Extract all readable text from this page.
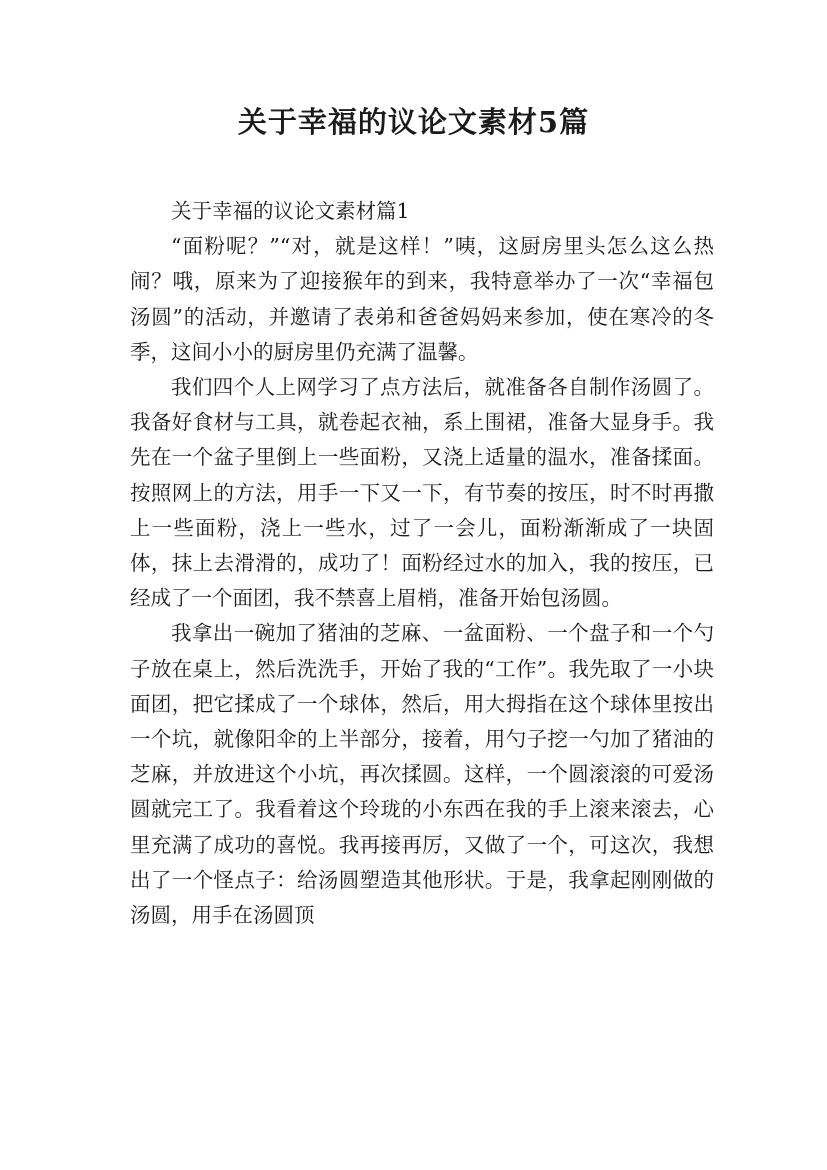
关于幸福的议论文素材5篇

关于幸福的议论文素材篇1

“面粉呢？”“对，就是这样！”咦，这厨房里头怎么这么热闹？哦，原来为了迎接猴年的到来，我特意举办了一次“幸福包汤圆”的活动，并邀请了表弟和爸爸妈妈来参加，使在寒冷的冬季，这间小小的厨房里仍充满了温馨。

我们四个人上网学习了点方法后，就准备各自制作汤圆了。我备好食材与工具，就卷起衣袖，系上围裙，准备大显身手。我先在一个盆子里倒上一些面粉，又浇上适量的温水，准备揉面。按照网上的方法，用手一下又一下，有节奏的按压，时不时再撒上一些面粉，浇上一些水，过了一会儿，面粉渐渐成了一块固体，抹上去滑滑的，成功了！面粉经过水的加入，我的按压，已经成了一个面团，我不禁喜上眉梢，准备开始包汤圆。

我拿出一碗加了猪油的芝麻、一盆面粉、一个盘子和一个勺子放在桌上，然后洗洗手，开始了我的“工作”。我先取了一小块面团，把它揉成了一个球体，然后，用大拇指在这个球体里按出一个坑，就像阳伞的上半部分，接着，用勺子挖一勺加了猪油的芝麻，并放进这个小坑，再次揉圆。这样，一个圆滚滚的可爱汤圆就完工了。我看着这个玲珑的小东西在我的手上滚来滚去，心里充满了成功的喜悦。我再接再厉，又做了一个，可这次，我想出了一个怪点子：给汤圆塑造其他形状。于是，我拿起刚刚做的汤圆，用手在汤圆顶
